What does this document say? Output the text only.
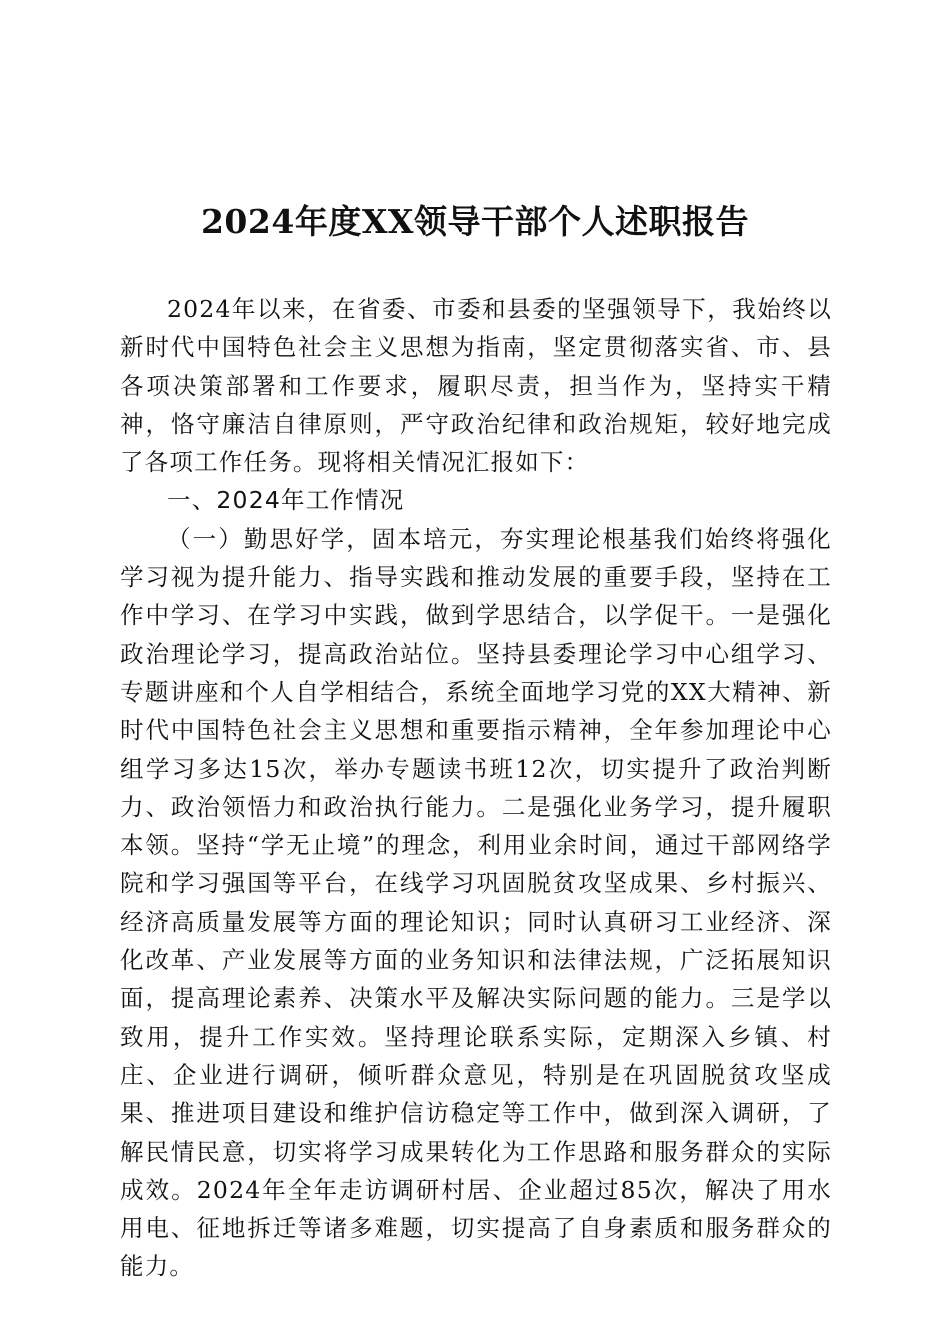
2024年度XX领导干部个人述职报告

2024年以来，在省委、市委和县委的坚强领导下，我始终以新时代中国特色社会主义思想为指南，坚定贯彻落实省、市、县各项决策部署和工作要求，履职尽责，担当作为，坚持实干精神，恪守廉洁自律原则，严守政治纪律和政治规矩，较好地完成了各项工作任务。现将相关情况汇报如下：

一、2024年工作情况

（一）勤思好学，固本培元，夯实理论根基我们始终将强化学习视为提升能力、指导实践和推动发展的重要手段，坚持在工作中学习、在学习中实践，做到学思结合，以学促干。一是强化政治理论学习，提高政治站位。坚持县委理论学习中心组学习、专题讲座和个人自学相结合，系统全面地学习党的XX大精神、新时代中国特色社会主义思想和重要指示精神，全年参加理论中心组学习多达15次，举办专题读书班12次，切实提升了政治判断力、政治领悟力和政治执行能力。二是强化业务学习，提升履职本领。坚持“学无止境”的理念，利用业余时间，通过干部网络学院和学习强国等平台，在线学习巩固脱贫攻坚成果、乡村振兴、经济高质量发展等方面的理论知识；同时认真研习工业经济、深化改革、产业发展等方面的业务知识和法律法规，广泛拓展知识面，提高理论素养、决策水平及解决实际问题的能力。三是学以致用，提升工作实效。坚持理论联系实际，定期深入乡镇、村庄、企业进行调研，倾听群众意见，特别是在巩固脱贫攻坚成果、推进项目建设和维护信访稳定等工作中，做到深入调研，了解民情民意，切实将学习成果转化为工作思路和服务群众的实际成效。2024年全年走访调研村居、企业超过85次，解决了用水用电、征地拆迁等诸多难题，切实提高了自身素质和服务群众的能力。
